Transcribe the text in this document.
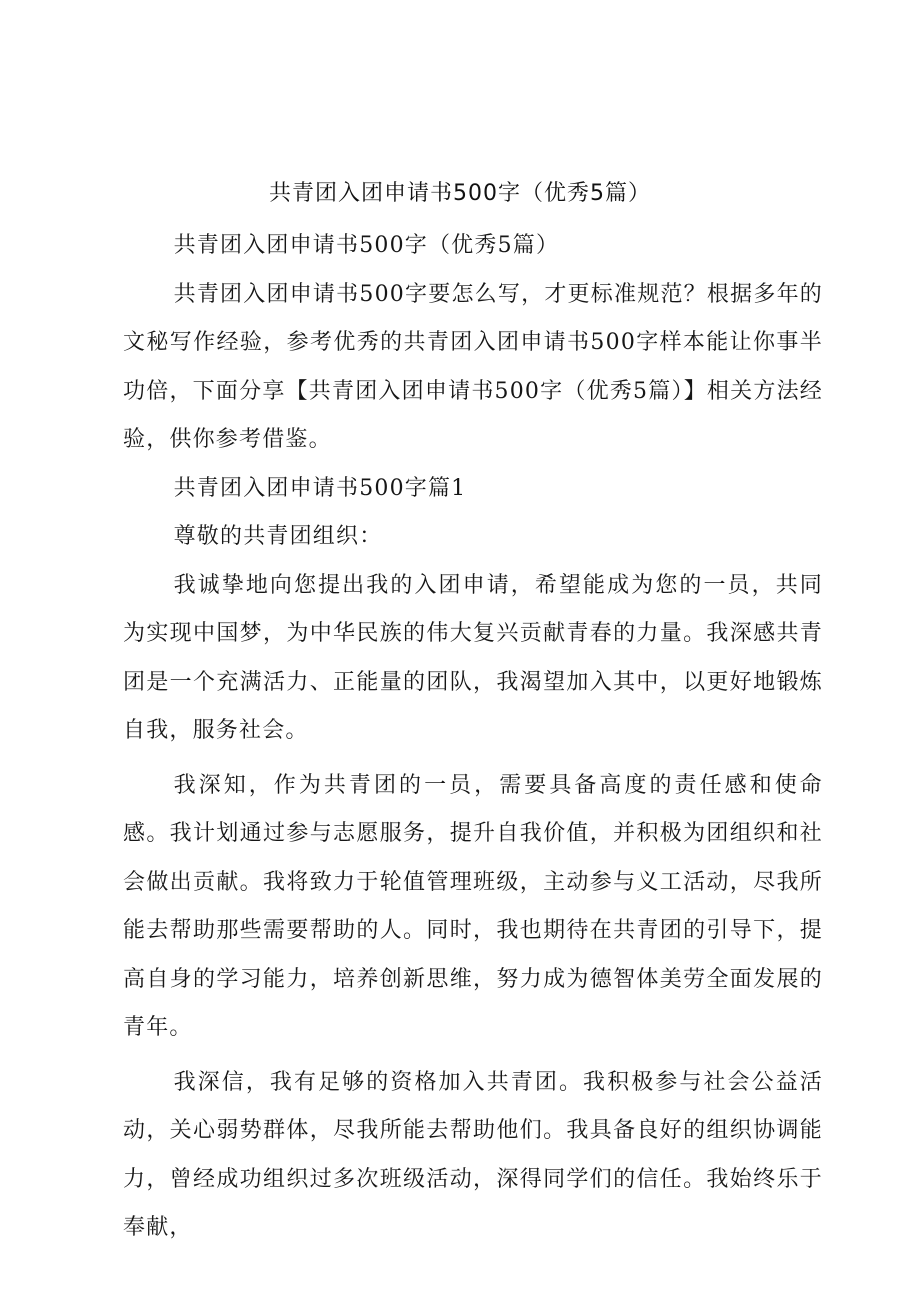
共青团入团申请书500字（优秀5篇）

共青团入团申请书500字（优秀5篇）

共青团入团申请书500字要怎么写，才更标准规范？根据多年的文秘写作经验，参考优秀的共青团入团申请书500字样本能让你事半功倍，下面分享【共青团入团申请书500字（优秀5篇）】相关方法经验，供你参考借鉴。

共青团入团申请书500字篇1

尊敬的共青团组织：

我诚挚地向您提出我的入团申请，希望能成为您的一员，共同为实现中国梦，为中华民族的伟大复兴贡献青春的力量。我深感共青团是一个充满活力、正能量的团队，我渴望加入其中，以更好地锻炼自我，服务社会。

我深知，作为共青团的一员，需要具备高度的责任感和使命感。我计划通过参与志愿服务，提升自我价值，并积极为团组织和社会做出贡献。我将致力于轮值管理班级，主动参与义工活动，尽我所能去帮助那些需要帮助的人。同时，我也期待在共青团的引导下，提高自身的学习能力，培养创新思维，努力成为德智体美劳全面发展的青年。

我深信，我有足够的资格加入共青团。我积极参与社会公益活动，关心弱势群体，尽我所能去帮助他们。我具备良好的组织协调能力，曾经成功组织过多次班级活动，深得同学们的信任。我始终乐于奉献，
